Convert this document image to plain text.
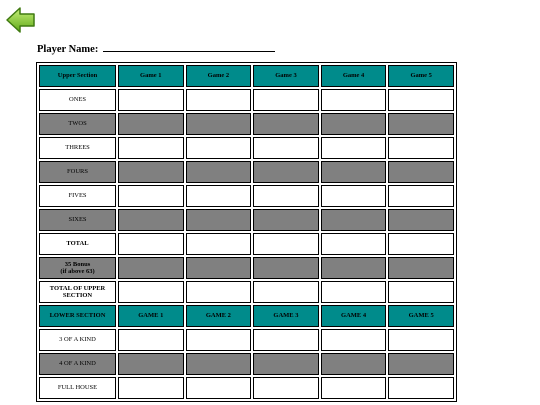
Player Name:
Upper Section	Game 1	Game 2	Game 3	Game 4	Game 5
ONES					
TWOS					
THREES					
FOURS					
FIVES					
SIXES					
TOTAL					
35 Bonus
(if above 63)					
TOTAL OF UPPER SECTION					
LOWER SECTION	GAME 1	GAME 2	GAME 3	GAME 4	GAME 5
3 OF A KIND					
4 OF A KIND					
FULL HOUSE					
